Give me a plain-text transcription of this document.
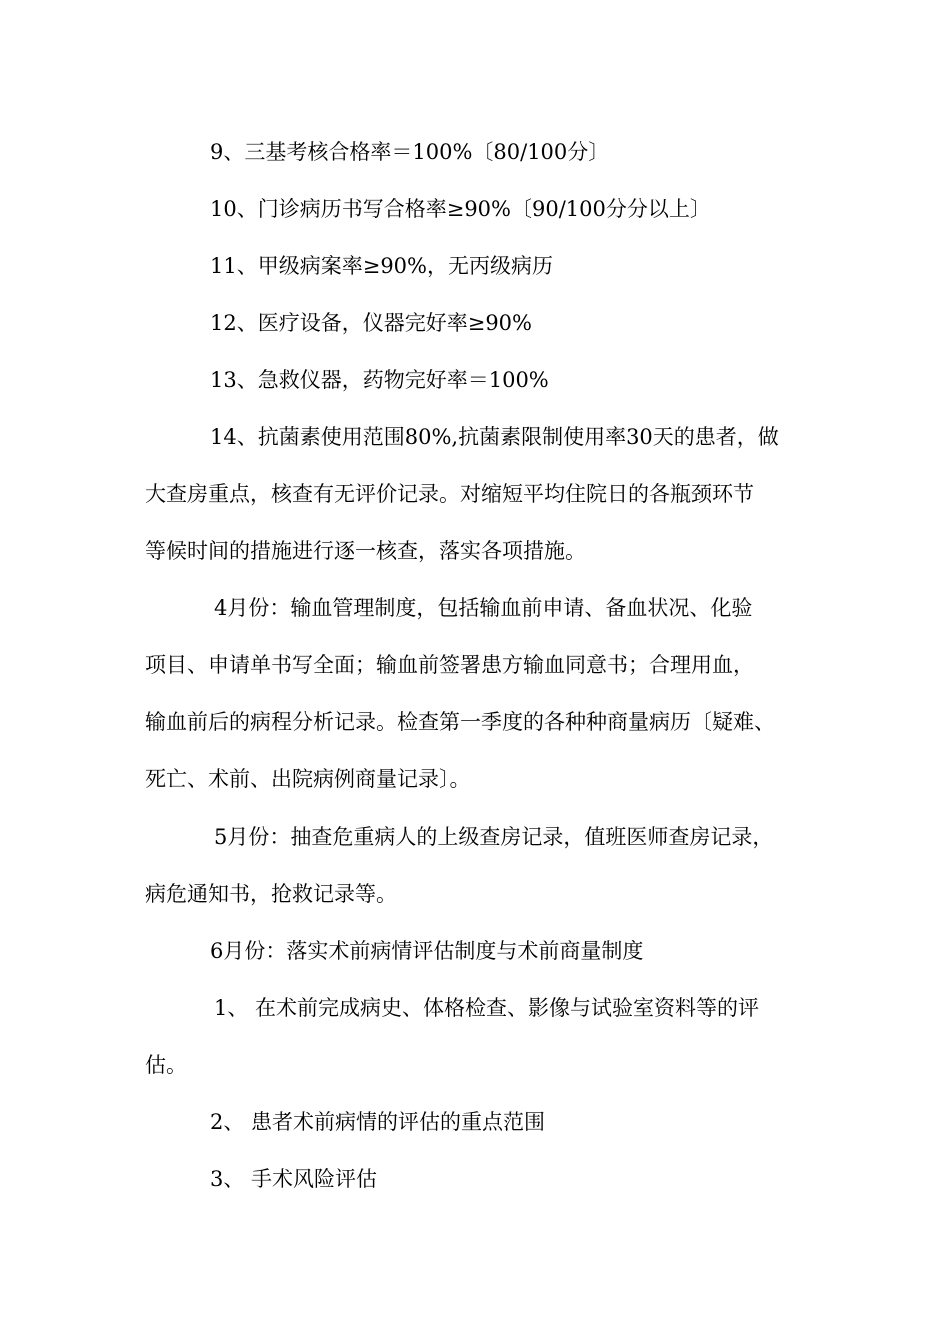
9、三基考核合格率＝100%〔80/100分〕
10、门诊病历书写合格率≥90%〔90/100分分以上〕
11、甲级病案率≥90%，无丙级病历
12、医疗设备，仪器完好率≥90%
13、急救仪器，药物完好率＝100%
14、抗菌素使用范围80%,抗菌素限制使用率30天的患者，做
大查房重点，核查有无评价记录。对缩短平均住院日的各瓶颈环节
等候时间的措施进行逐一核查，落实各项措施。
4月份：输血管理制度，包括输血前申请、备血状况、化验
项目、申请单书写全面；输血前签署患方输血同意书；合理用血，
输血前后的病程分析记录。检查第一季度的各种种商量病历〔疑难、
死亡、术前、出院病例商量记录〕。
5月份：抽查危重病人的上级查房记录，值班医师查房记录，
病危通知书，抢救记录等。
6月份：落实术前病情评估制度与术前商量制度
1、 在术前完成病史、体格检查、影像与试验室资料等的评
估。
2、 患者术前病情的评估的重点范围
3、 手术风险评估
